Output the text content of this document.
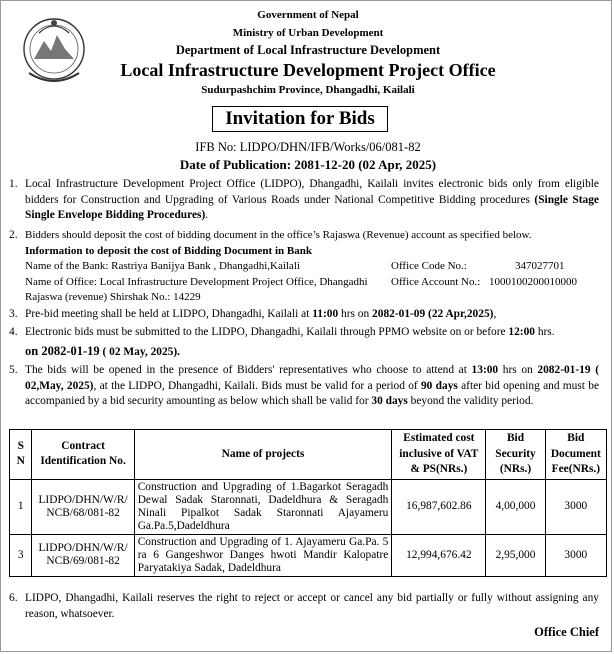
Government of Nepal
Ministry of Urban Development
Department of Local Infrastructure Development
Local Infrastructure Development Project Office
Sudurpashchim Province, Dhangadhi, Kailali
Invitation for Bids
IFB No: LIDPO/DHN/IFB/Works/06/081-82
Date of Publication: 2081-12-20 (02 Apr, 2025)
1. Local Infrastructure Development Project Office (LIDPO), Dhangadhi, Kailali invites electronic bids only from eligible bidders for Construction and Upgrading of Various Roads under National Competitive Bidding procedures (Single Stage Single Envelope Bidding Procedures).
2. Bidders should deposit the cost of bidding document in the office’s Rajaswa (Revenue) account as specified below.
Information to deposit the cost of Bidding Document in Bank
Name of the Bank: Rastriya Banijya Bank , Dhangadhi,Kailali	Office Code No.:	347027701
Name of Office: Local Infrastructure Development Project Office, Dhangadhi	Office Account No.: 1000100200010000
Rajaswa (revenue) Shirshak No.: 14229
3. Pre-bid meeting shall be held at LIDPO, Dhangadhi, Kailali at 11:00 hrs on 2082-01-09 (22 Apr,2025),
4. Electronic bids must be submitted to the LIDPO, Dhangadhi, Kailali through PPMO website on or before 12:00 hrs.
on 2082-01-19 ( 02 May, 2025).
5. The bids will be opened in the presence of Bidders' representatives who choose to attend at 13:00 hrs on 2082-01-19 ( 02,May, 2025), at the LIDPO, Dhangadhi, Kailali. Bids must be valid for a period of 90 days after bid opening and must be accompanied by a bid security amounting as below which shall be valid for 30 days beyond the validity period.
S N	Contract Identification No.	Name of projects	Estimated cost inclusive of VAT & PS(NRs.)	Bid Security (NRs.)	Bid Document Fee(NRs.)
1	LIDPO/DHN/W/R/ NCB/68/081-82	Construction and Upgrading of 1.Bagarkot Seragadh Dewal Sadak Staronnati, Dadeldhura & Seragadh Ninali Pipalkot Sadak Staronnati Ajayameru Ga.Pa.5,Dadeldhura	16,987,602.86	4,00,000	3000
3	LIDPO/DHN/W/R/ NCB/69/081-82	Construction and Upgrading of 1. Ajayameru Ga.Pa. 5 ra 6 Gangeshwor Danges hwoti Mandir Kalopatre Paryatakiya Sadak, Dadeldhura	12,994,676.42	2,95,000	3000
6. LIDPO, Dhangadhi, Kailali reserves the right to reject or accept or cancel any bid partially or fully without assigning any reason, whatsoever.
Office Chief
